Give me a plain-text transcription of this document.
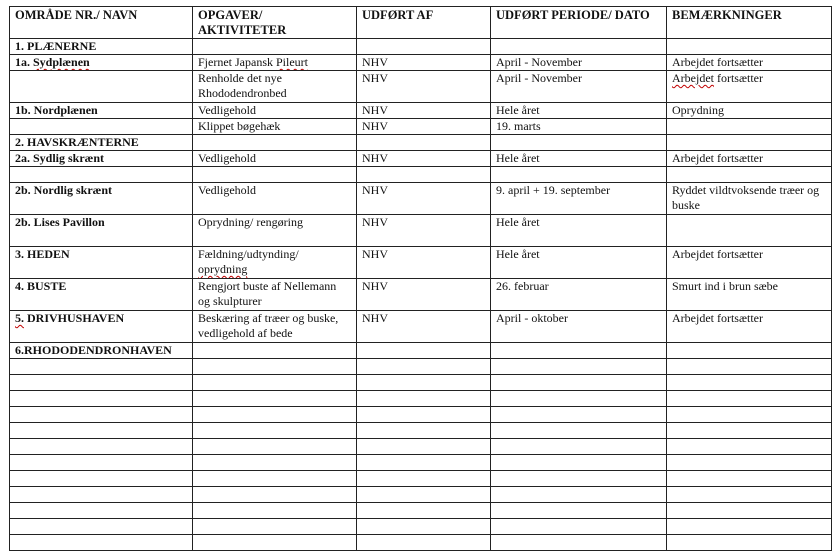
OMRÅDE NR./ NAVN	OPGAVER/ AKTIVITETER	UDFØRT AF	UDFØRT PERIODE/ DATO	BEMÆRKNINGER
1. PLÆNERNE				
1a. Sydplænen	Fjernet Japansk Pileurt	NHV	April - November	Arbejdet fortsætter
	Renholde det nye Rhododendronbed	NHV	April - November	Arbejdet fortsætter
1b. Nordplænen	Vedligehold	NHV	Hele året	Oprydning
	Klippet bøgehæk	NHV	19. marts	
2. HAVSKRÆNTERNE				
2a. Sydlig skrænt	Vedligehold	NHV	Hele året	Arbejdet fortsætter

2b. Nordlig skrænt	Vedligehold	NHV	9. april + 19. september	Ryddet vildtvoksende træer og buske
2b. Lises Pavillon	Oprydning/ rengøring	NHV	Hele året	
3. HEDEN	Fældning/udtynding/ oprydning	NHV	Hele året	Arbejdet fortsætter
4. BUSTE	Rengjort buste af Nellemann og skulpturer	NHV	26. februar	Smurt ind i brun sæbe
5. DRIVHUSHAVEN	Beskæring af træer og buske, vedligehold af bede	NHV	April - oktober	Arbejdet fortsætter
6.RHODODENDRONHAVEN				
